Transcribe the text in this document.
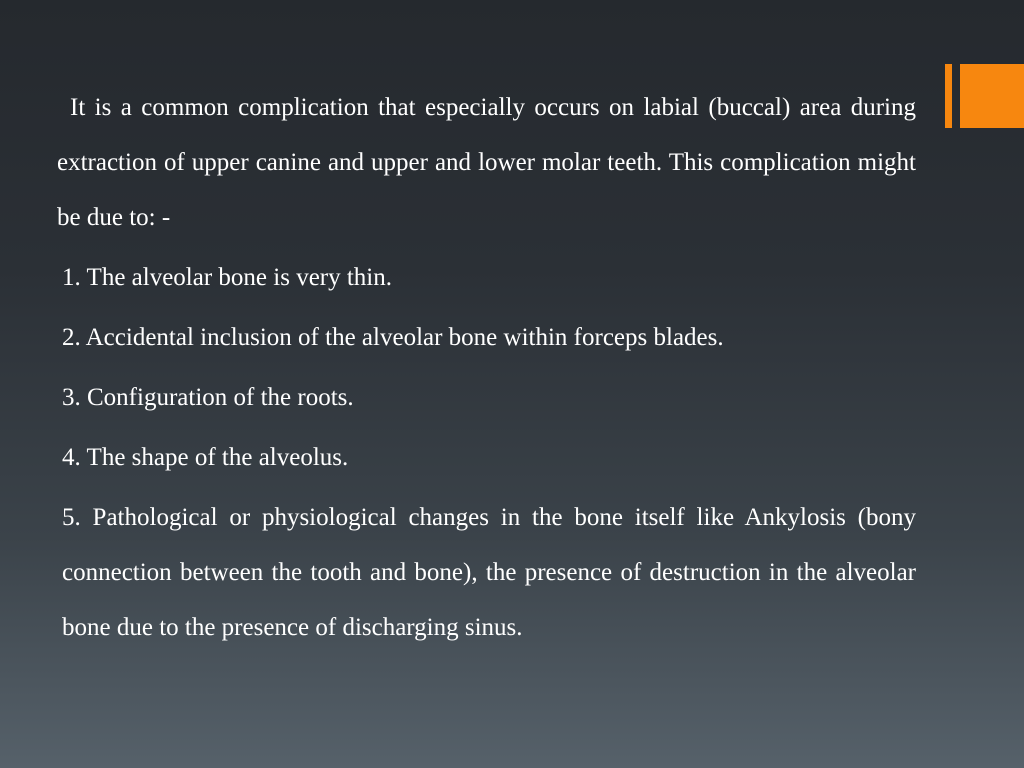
It is a common complication that especially occurs on labial (buccal) area during extraction of upper canine and upper and lower molar teeth. This complication might be due to: -

1. The alveolar bone is very thin.
2. Accidental inclusion of the alveolar bone within forceps blades.
3. Configuration of the roots.
4. The shape of the alveolus.
5. Pathological or physiological changes in the bone itself like Ankylosis (bony connection between the tooth and bone), the presence of destruction in the alveolar bone due to the presence of discharging sinus.
